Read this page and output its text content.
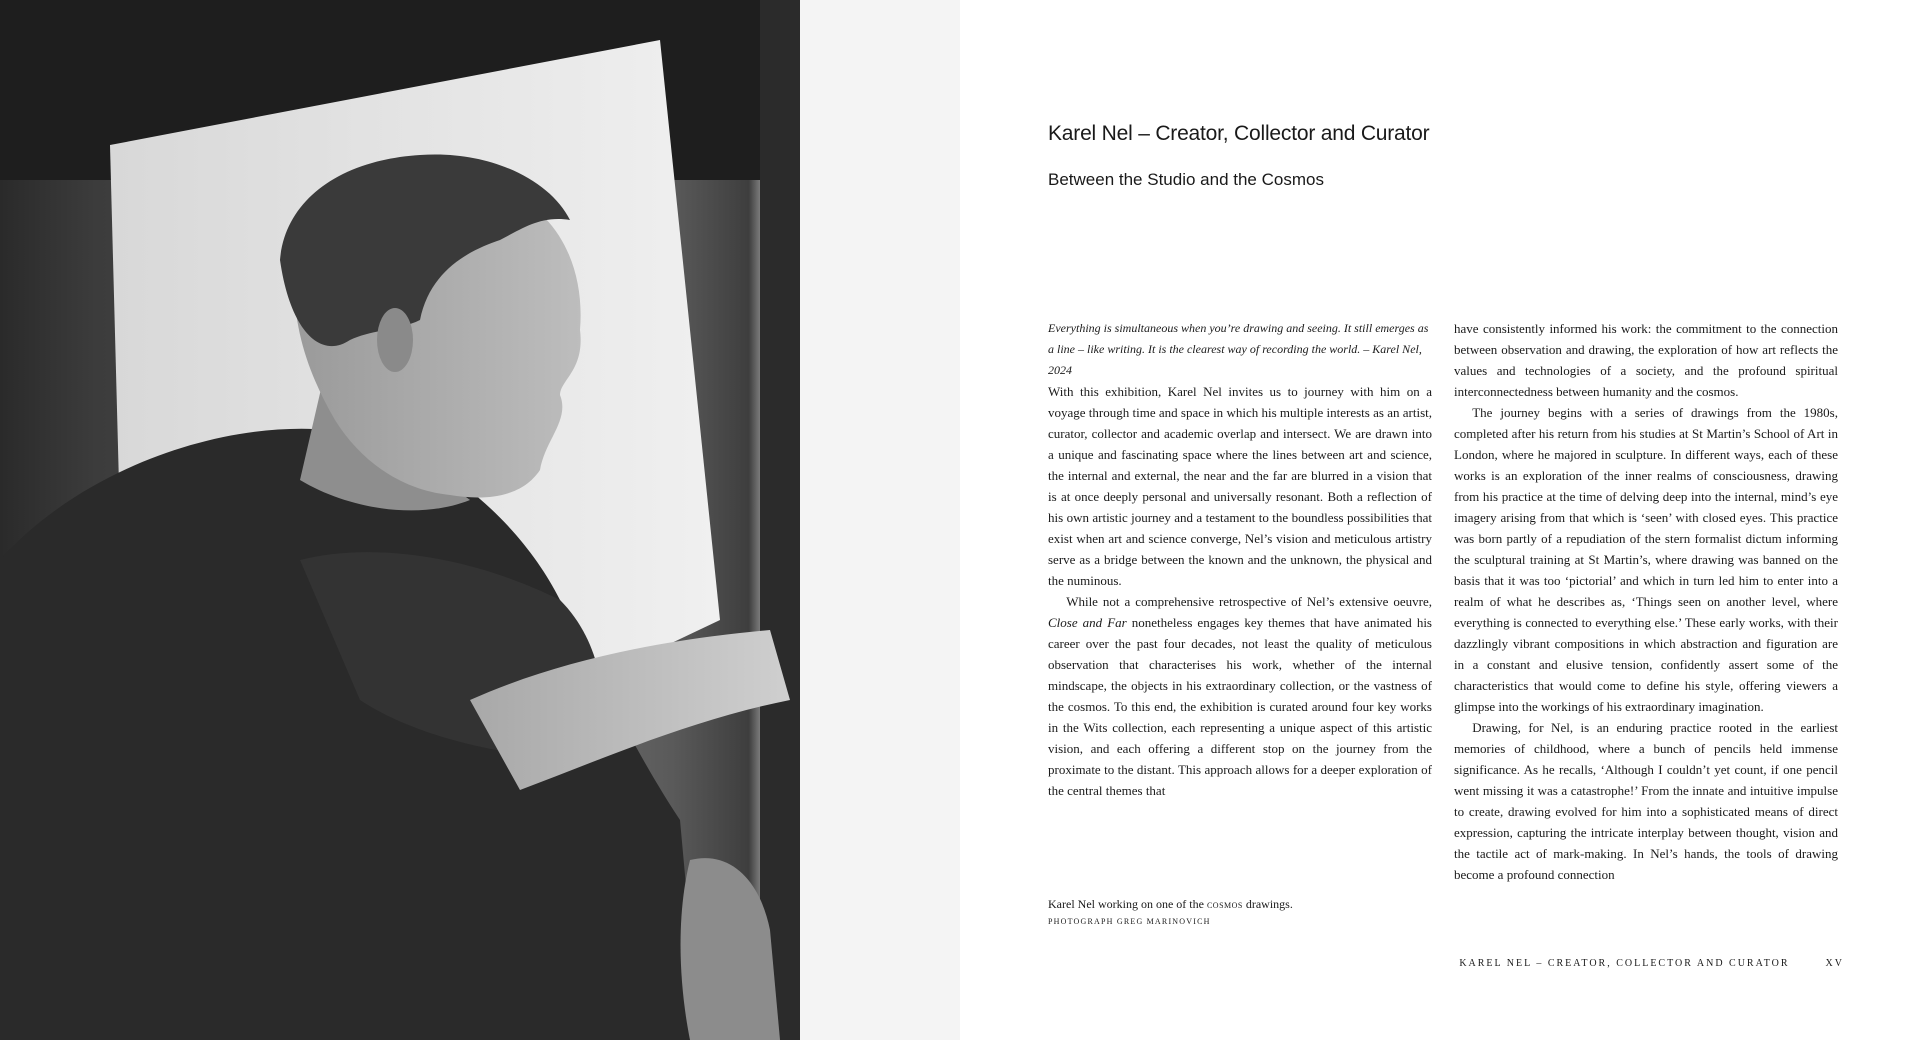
Karel Nel – Creator, Collector and Curator
Between the Studio and the Cosmos

Everything is simultaneous when you’re drawing and seeing. It still emerges as a line – like writing. It is the clearest way of recording the world. – Karel Nel, 2024

With this exhibition, Karel Nel invites us to journey with him on a voyage through time and space in which his multiple interests as an artist, curator, collector and academic overlap and intersect. We are drawn into a unique and fascinating space where the lines between art and science, the internal and external, the near and the far are blurred in a vision that is at once deeply personal and universally resonant. Both a reflection of his own artistic journey and a testament to the boundless possibilities that exist when art and science converge, Nel’s vision and meticulous artistry serve as a bridge between the known and the unknown, the physical and the numinous.

While not a comprehensive retrospective of Nel’s extensive oeuvre, Close and Far nonetheless engages key themes that have animated his career over the past four decades, not least the quality of meticulous observation that characterises his work, whether of the internal mindscape, the objects in his extraordinary collection, or the vastness of the cosmos. To this end, the exhibition is curated around four key works in the Wits collection, each representing a unique aspect of this artistic vision, and each offering a different stop on the journey from the proximate to the distant. This approach allows for a deeper exploration of the central themes that

Karel Nel working on one of the cosmos drawings.
PHOTOGRAPH GREG MARINOVICH

have consistently informed his work: the commitment to the connection between observation and drawing, the exploration of how art reflects the values and technologies of a society, and the profound spiritual interconnectedness between humanity and the cosmos.

The journey begins with a series of drawings from the 1980s, completed after his return from his studies at St Martin’s School of Art in London, where he majored in sculpture. In different ways, each of these works is an exploration of the inner realms of consciousness, drawing from his practice at the time of delving deep into the internal, mind’s eye imagery arising from that which is ‘seen’ with closed eyes. This practice was born partly of a repudiation of the stern formalist dictum informing the sculptural training at St Martin’s, where drawing was banned on the basis that it was too ‘pictorial’ and which in turn led him to enter into a realm of what he describes as, ‘Things seen on another level, where everything is connected to everything else.’ These early works, with their dazzlingly vibrant compositions in which abstraction and figuration are in a constant and elusive tension, confidently assert some of the characteristics that would come to define his style, offering viewers a glimpse into the workings of his extraordinary imagination.

Drawing, for Nel, is an enduring practice rooted in the earliest memories of childhood, where a bunch of pencils held immense significance. As he recalls, ‘Although I couldn’t yet count, if one pencil went missing it was a catastrophe!’ From the innate and intuitive impulse to create, drawing evolved for him into a sophisticated means of direct expression, capturing the intricate interplay between thought, vision and the tactile act of mark-making. In Nel’s hands, the tools of drawing become a profound connection

KAREL NEL – CREATOR, COLLECTOR AND CURATOR	XV
